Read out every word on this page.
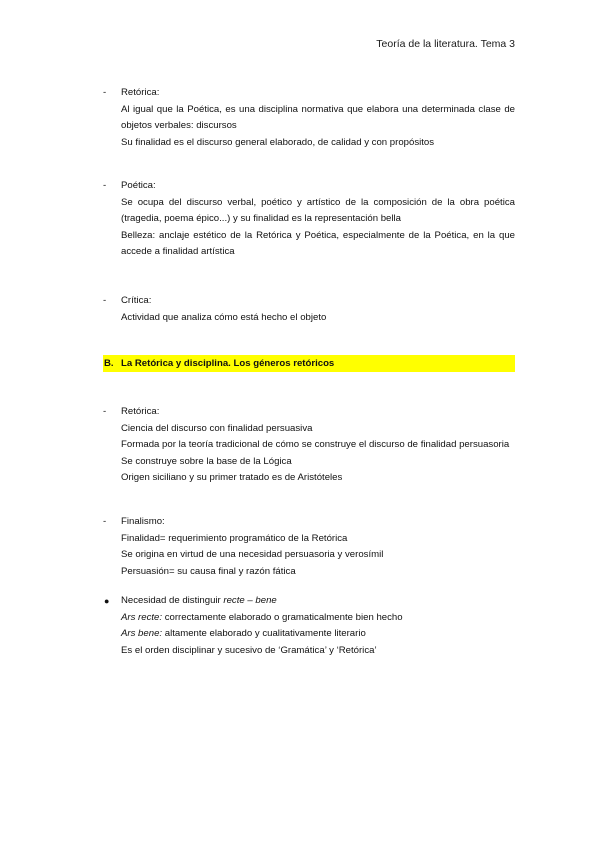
Teoría de la literatura. Tema 3
-	Retórica:
Al igual que la Poética, es una disciplina normativa que elabora una determinada clase de objetos verbales: discursos
Su finalidad es el discurso general elaborado, de calidad y con propósitos
-	Poética:
Se ocupa del discurso verbal, poético y artístico de la composición de la obra poética (tragedia, poema épico...) y su finalidad es la representación bella
Belleza: anclaje estético de la Retórica y Poética, especialmente de la Poética, en la que accede a finalidad artística
-	Crítica:
Actividad que analiza cómo está hecho el objeto
B. La Retórica y disciplina. Los géneros retóricos
-	Retórica:
Ciencia del discurso con finalidad persuasiva
Formada por la teoría tradicional de cómo se construye el discurso de finalidad persuasoria
Se construye sobre la base de la Lógica
Origen siciliano y su primer tratado es de Aristóteles
-	Finalismo:
Finalidad= requerimiento programático de la Retórica
Se origina en virtud de una necesidad persuasoria y verosímil
Persuasión= su causa final y razón fática
●	Necesidad de distinguir recte – bene
Ars recte: correctamente elaborado o gramaticalmente bien hecho
Ars bene: altamente elaborado y cualitativamente literario
Es el orden disciplinar y sucesivo de ‘Gramática’ y ‘Retórica’
